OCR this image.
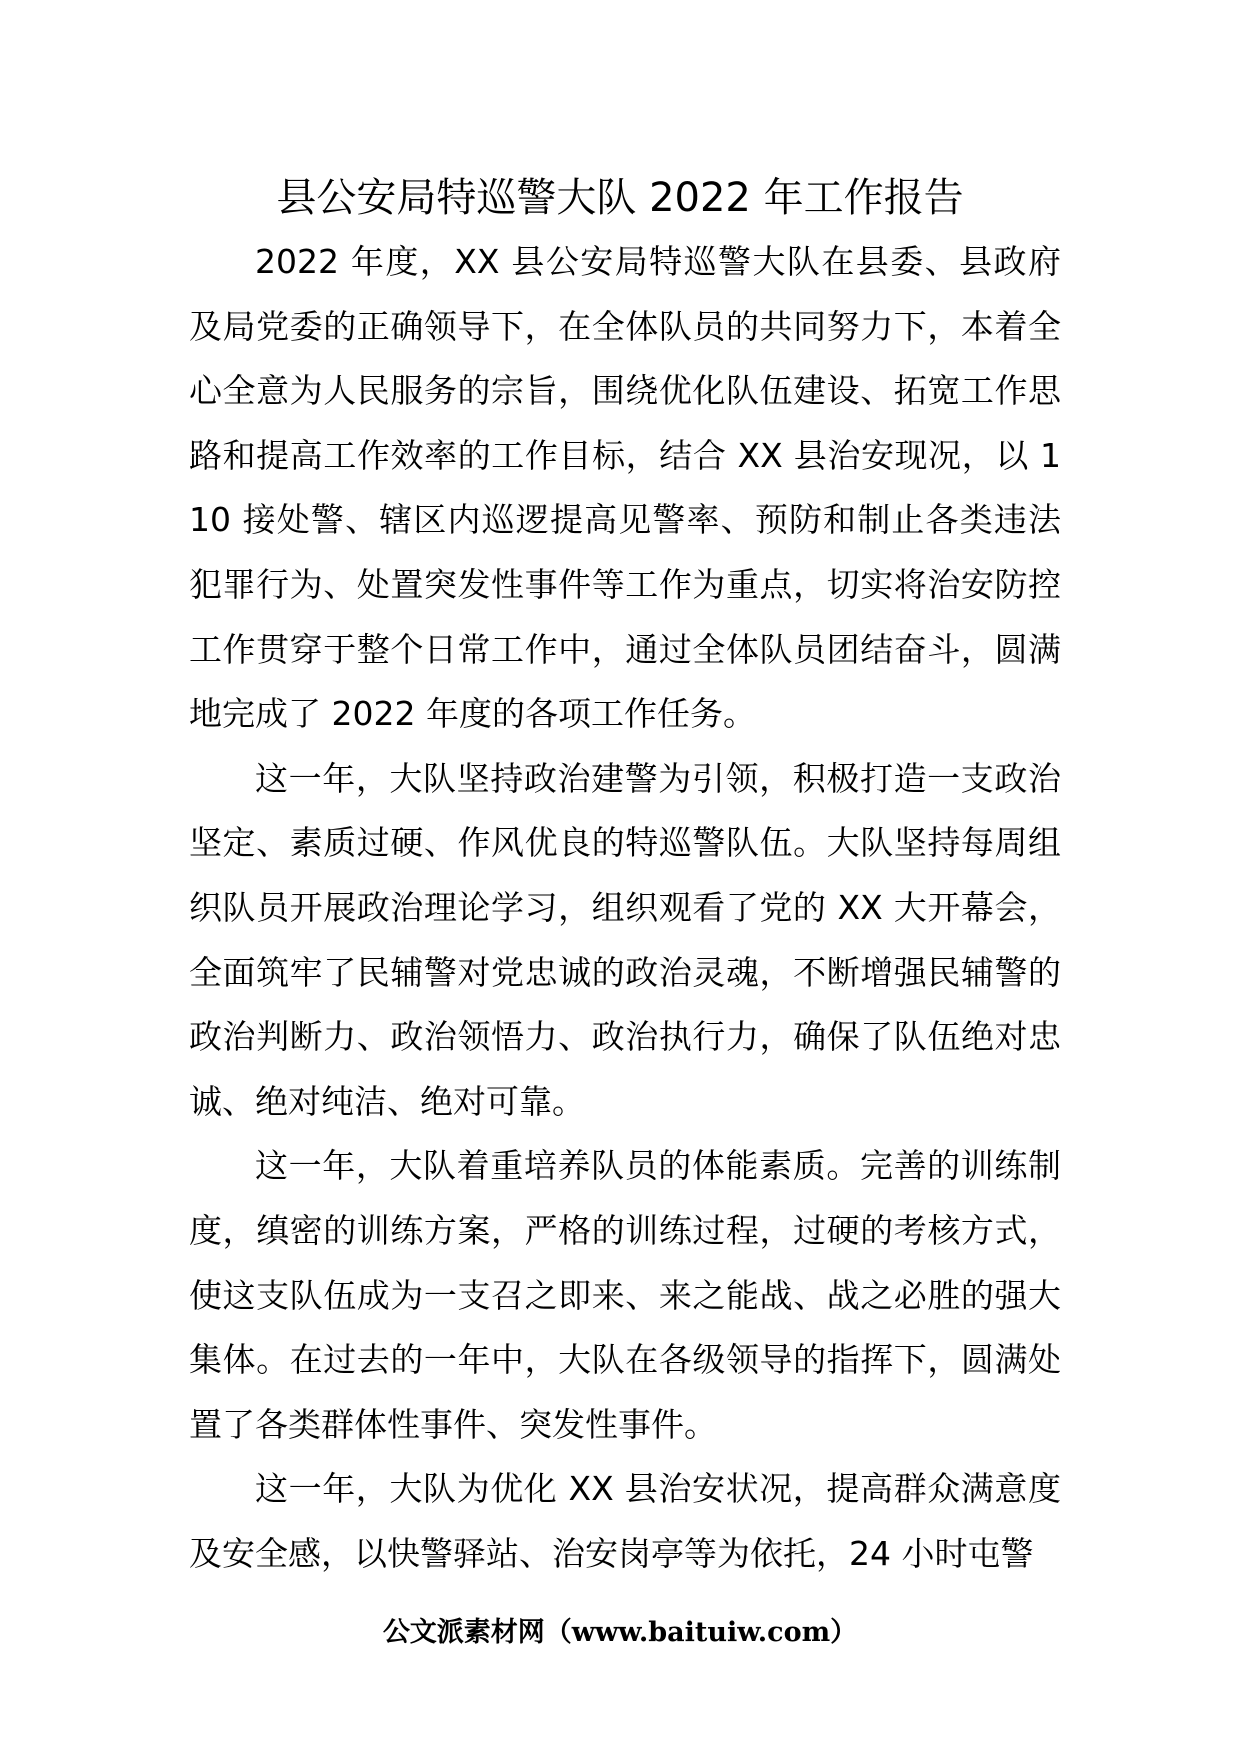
县公安局特巡警大队 2022 年工作报告

2022 年度，XX 县公安局特巡警大队在县委、县政府及局党委的正确领导下，在全体队员的共同努力下，本着全心全意为人民服务的宗旨，围绕优化队伍建设、拓宽工作思路和提高工作效率的工作目标，结合 XX 县治安现况，以 110 接处警、辖区内巡逻提高见警率、预防和制止各类违法犯罪行为、处置突发性事件等工作为重点，切实将治安防控工作贯穿于整个日常工作中，通过全体队员团结奋斗，圆满地完成了 2022 年度的各项工作任务。

这一年，大队坚持政治建警为引领，积极打造一支政治坚定、素质过硬、作风优良的特巡警队伍。大队坚持每周组织队员开展政治理论学习，组织观看了党的 XX 大开幕会，全面筑牢了民辅警对党忠诚的政治灵魂，不断增强民辅警的政治判断力、政治领悟力、政治执行力，确保了队伍绝对忠诚、绝对纯洁、绝对可靠。

这一年，大队着重培养队员的体能素质。完善的训练制度，缜密的训练方案，严格的训练过程，过硬的考核方式，使这支队伍成为一支召之即来、来之能战、战之必胜的强大集体。在过去的一年中，大队在各级领导的指挥下，圆满处置了各类群体性事件、突发性事件。

这一年，大队为优化 XX 县治安状况，提高群众满意度及安全感，以快警驿站、治安岗亭等为依托，24 小时屯警

公文派素材网（www.baituiw.com）
